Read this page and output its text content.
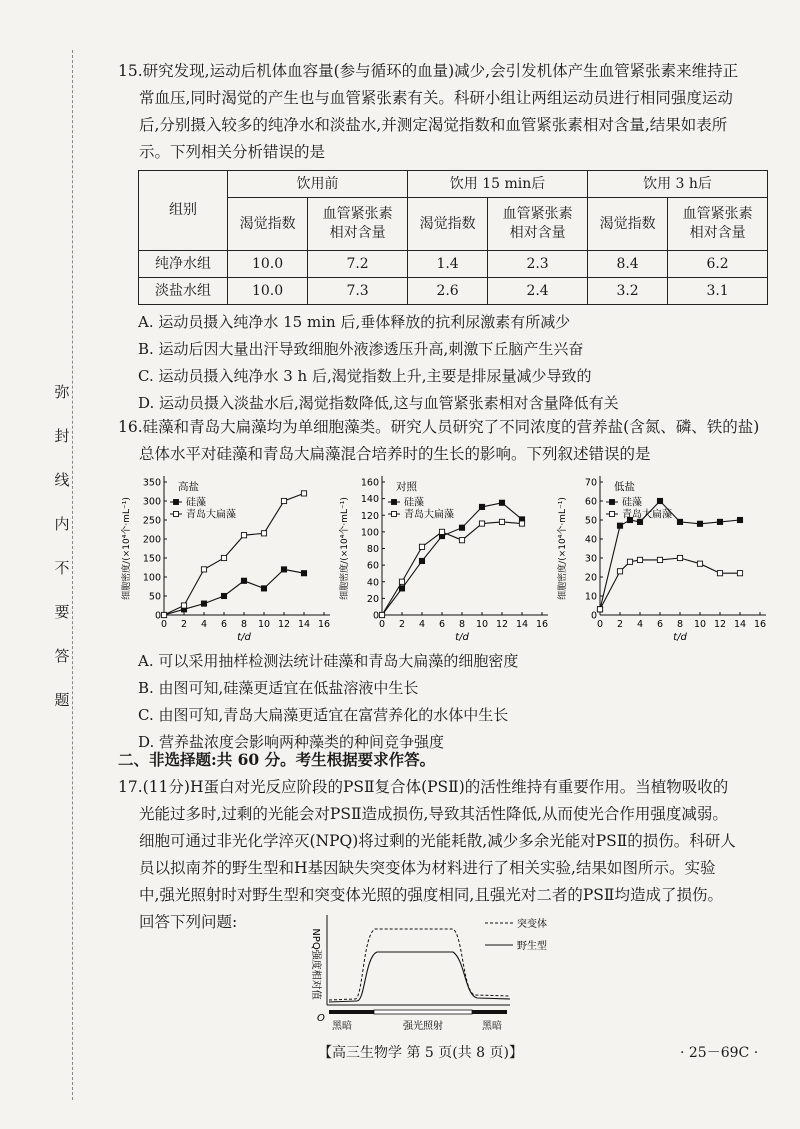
弥
封
线
内
不
要
答
题

15.研究发现,运动后机体血容量(参与循环的血量)减少,会引发机体产生血管紧张素来维持正

常血压,同时渴觉的产生也与血管紧张素有关。科研小组让两组运动员进行相同强度运动

后,分别摄入较多的纯净水和淡盐水,并测定渴觉指数和血管紧张素相对含量,结果如表所

示。下列相关分析错误的是

组别	饮用前		饮用 15 min后		饮用 3 h后	
	渴觉指数	血管紧张素
相对含量	渴觉指数	血管紧张素
相对含量	渴觉指数	血管紧张素
相对含量
纯净水组	10.0	7.2	1.4	2.3	8.4	6.2
淡盐水组	10.0	7.3	2.6	2.4	3.2	3.1

A. 运动员摄入纯净水 15 min 后,垂体释放的抗利尿激素有所减少

B. 运动后因大量出汗导致细胞外液渗透压升高,刺激下丘脑产生兴奋

C. 运动员摄入纯净水 3 h 后,渴觉指数上升,主要是排尿量减少导致的

D. 运动员摄入淡盐水后,渴觉指数降低,这与血管紧张素相对含量降低有关

16.硅藻和青岛大扁藻均为单细胞藻类。研究人员研究了不同浓度的营养盐(含氮、磷、铁的盐)

总体水平对硅藻和青岛大扁藻混合培养时的生长的影响。下列叙述错误的是

0 2 4 6 8 10 12 14 16
0
50
100
150
200
250
300
350
t/d
细胞密度/(×10⁴个·mL⁻¹)
高盐
硅藻
青岛大扁藻
0 2 4 6 8 10 12 14 16
0
20
40
60
80
100
120
140
160
t/d
细胞密度/(×10⁴个·mL⁻¹)
对照
硅藻
青岛大扁藻
0 2 4 6 8 10 12 14 16
0
10
20
30
40
50
60
70
t/d
细胞密度/(×10⁴个·mL⁻¹)
低盐
硅藻
青岛大扁藻

A. 可以采用抽样检测法统计硅藻和青岛大扁藻的细胞密度

B. 由图可知,硅藻更适宜在低盐溶液中生长

C. 由图可知,青岛大扁藻更适宜在富营养化的水体中生长

D. 营养盐浓度会影响两种藻类的种间竞争强度

二、非选择题:共 60 分。考生根据要求作答。

17.(11分)H蛋白对光反应阶段的PSⅡ复合体(PSⅡ)的活性维持有重要作用。当植物吸收的

光能过多时,过剩的光能会对PSⅡ造成损伤,导致其活性降低,从而使光合作用强度减弱。

细胞可通过非光化学淬灭(NPQ)将过剩的光能耗散,减少多余光能对PSⅡ的损伤。科研人

员以拟南芥的野生型和H基因缺失突变体为材料进行了相关实验,结果如图所示。实验

中,强光照射时对野生型和突变体光照的强度相同,且强光对二者的PSⅡ均造成了损伤。

回答下列问题:

O
NPQ强度相对值
黑暗	强光照射	黑暗
突变体
野生型
【高三生物学 第 5 页(共 8 页)】	· 25－69C ·
